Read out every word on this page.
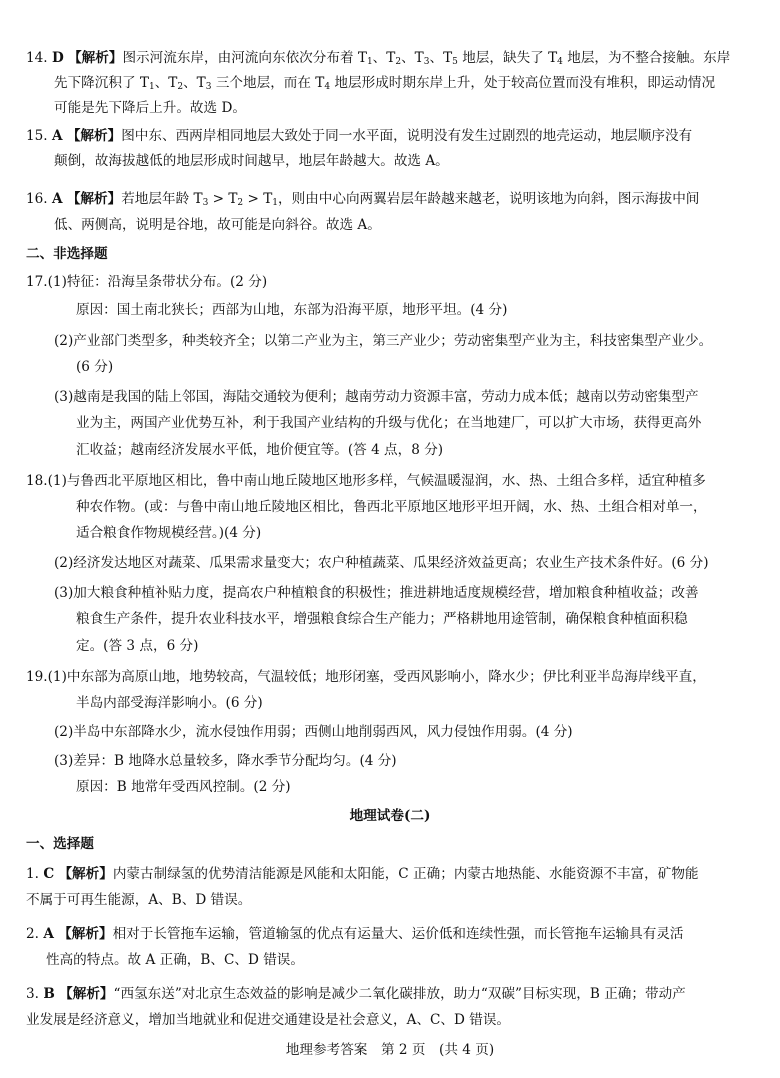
14. D 【解析】图示河流东岸，由河流向东依次分布着 $T_1$、$T_2$、$T_3$、$T_5$ 地层，缺失了 $T_4$ 地层，为不整合接触。东岸
先下降沉积了 $T_1$、$T_2$、$T_3$ 三个地层，而在 $T_4$ 地层形成时期东岸上升，处于较高位置而没有堆积，即运动情况
可能是先下降后上升。故选 D。
15. A 【解析】图中东、西两岸相同地层大致处于同一水平面，说明没有发生过剧烈的地壳运动，地层顺序没有
颠倒，故海拔越低的地层形成时间越早，地层年龄越大。故选 A。
16. A 【解析】若地层年龄 $T_3 > T_2 > T_1$，则由中心向两翼岩层年龄越来越老，说明该地为向斜，图示海拔中间
低、两侧高，说明是谷地，故可能是向斜谷。故选 A。
二、非选择题
17.(1)特征：沿海呈条带状分布。(2 分)
原因：国土南北狭长；西部为山地，东部为沿海平原，地形平坦。(4 分)
(2)产业部门类型多，种类较齐全；以第二产业为主，第三产业少；劳动密集型产业为主，科技密集型产业少。
(6 分)
(3)越南是我国的陆上邻国，海陆交通较为便利；越南劳动力资源丰富，劳动力成本低；越南以劳动密集型产
业为主，两国产业优势互补，利于我国产业结构的升级与优化；在当地建厂，可以扩大市场，获得更高外
汇收益；越南经济发展水平低，地价便宜等。(答 4 点，8 分)
18.(1)与鲁西北平原地区相比，鲁中南山地丘陵地区地形多样，气候温暖湿润，水、热、土组合多样，适宜种植多
种农作物。(或：与鲁中南山地丘陵地区相比，鲁西北平原地区地形平坦开阔，水、热、土组合相对单一，
适合粮食作物规模经营。)(4 分)
(2)经济发达地区对蔬菜、瓜果需求量变大；农户种植蔬菜、瓜果经济效益更高；农业生产技术条件好。(6 分)
(3)加大粮食种植补贴力度，提高农户种植粮食的积极性；推进耕地适度规模经营，增加粮食种植收益；改善
粮食生产条件，提升农业科技水平，增强粮食综合生产能力；严格耕地用途管制，确保粮食种植面积稳
定。(答 3 点，6 分)
19.(1)中东部为高原山地，地势较高，气温较低；地形闭塞，受西风影响小，降水少；伊比利亚半岛海岸线平直，
半岛内部受海洋影响小。(6 分)
(2)半岛中东部降水少，流水侵蚀作用弱；西侧山地削弱西风，风力侵蚀作用弱。(4 分)
(3)差异：B 地降水总量较多，降水季节分配均匀。(4 分)
原因：B 地常年受西风控制。(2 分)
地理试卷(二)
一、选择题
1. C 【解析】内蒙古制绿氢的优势清洁能源是风能和太阳能，C 正确；内蒙古地热能、水能资源不丰富，矿物能
不属于可再生能源，A、B、D 错误。
2. A 【解析】相对于长管拖车运输，管道输氢的优点有运量大、运价低和连续性强，而长管拖车运输具有灵活
性高的特点。故 A 正确，B、C、D 错误。
3. B 【解析】“西氢东送”对北京生态效益的影响是减少二氧化碳排放，助力“双碳”目标实现，B 正确；带动产
业发展是经济意义，增加当地就业和促进交通建设是社会意义，A、C、D 错误。
地理参考答案　第 2 页　(共 4 页)
